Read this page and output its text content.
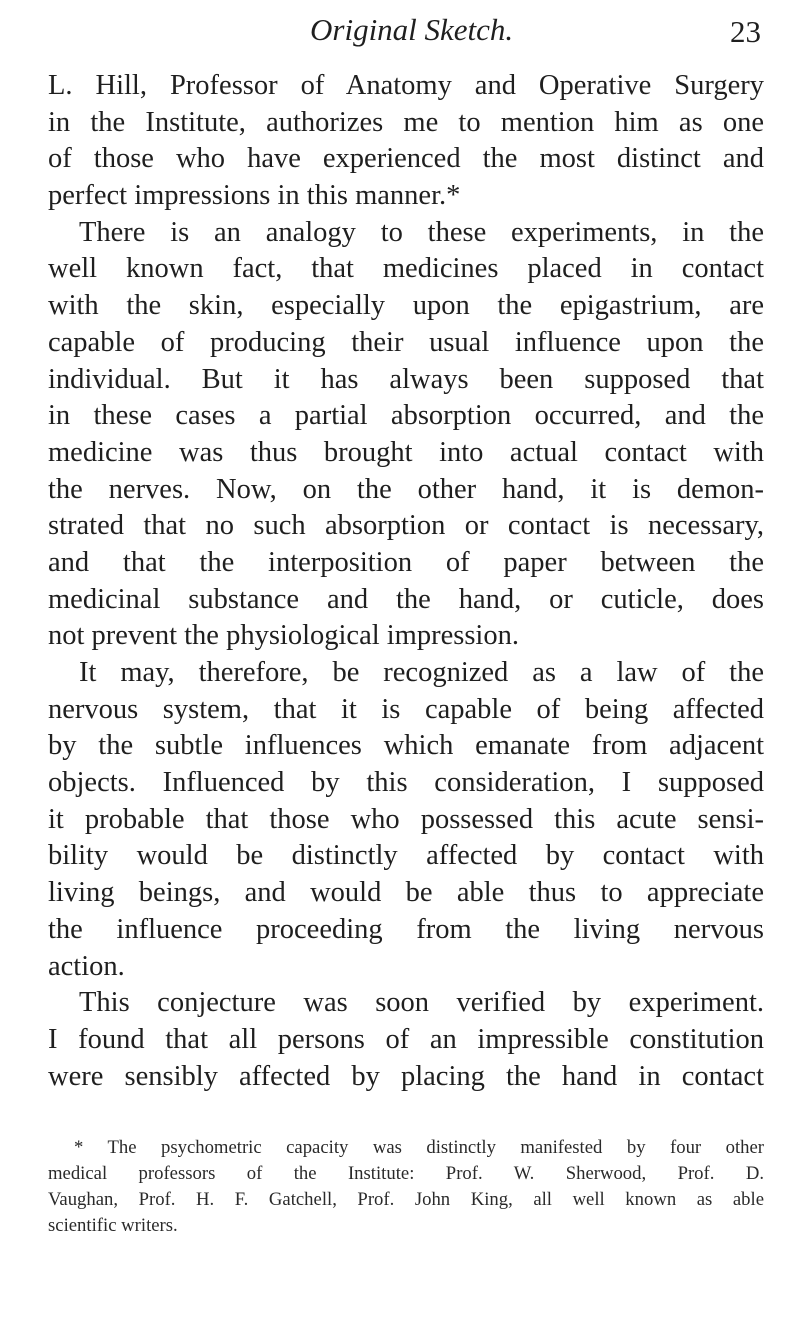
Original Sketch.	23
L. Hill, Professor of Anatomy and Operative Surgery
in the Institute, authorizes me to mention him as one
of those who have experienced the most distinct and
perfect impressions in this manner.*
There is an analogy to these experiments, in the
well known fact, that medicines placed in contact
with the skin, especially upon the epigastrium, are
capable of producing their usual influence upon the
individual. But it has always been supposed that
in these cases a partial absorption occurred, and the
medicine was thus brought into actual contact with
the nerves. Now, on the other hand, it is demon-
strated that no such absorption or contact is necessary,
and that the interposition of paper between the
medicinal substance and the hand, or cuticle, does
not prevent the physiological impression.
It may, therefore, be recognized as a law of the
nervous system, that it is capable of being affected
by the subtle influences which emanate from adjacent
objects. Influenced by this consideration, I supposed
it probable that those who possessed this acute sensi-
bility would be distinctly affected by contact with
living beings, and would be able thus to appreciate
the influence proceeding from the living nervous
action.
This conjecture was soon verified by experiment.
I found that all persons of an impressible constitution
were sensibly affected by placing the hand in contact
* The psychometric capacity was distinctly manifested by four other
medical professors of the Institute: Prof. W. Sherwood, Prof. D.
Vaughan, Prof. H. F. Gatchell, Prof. John King, all well known as able
scientific writers.
